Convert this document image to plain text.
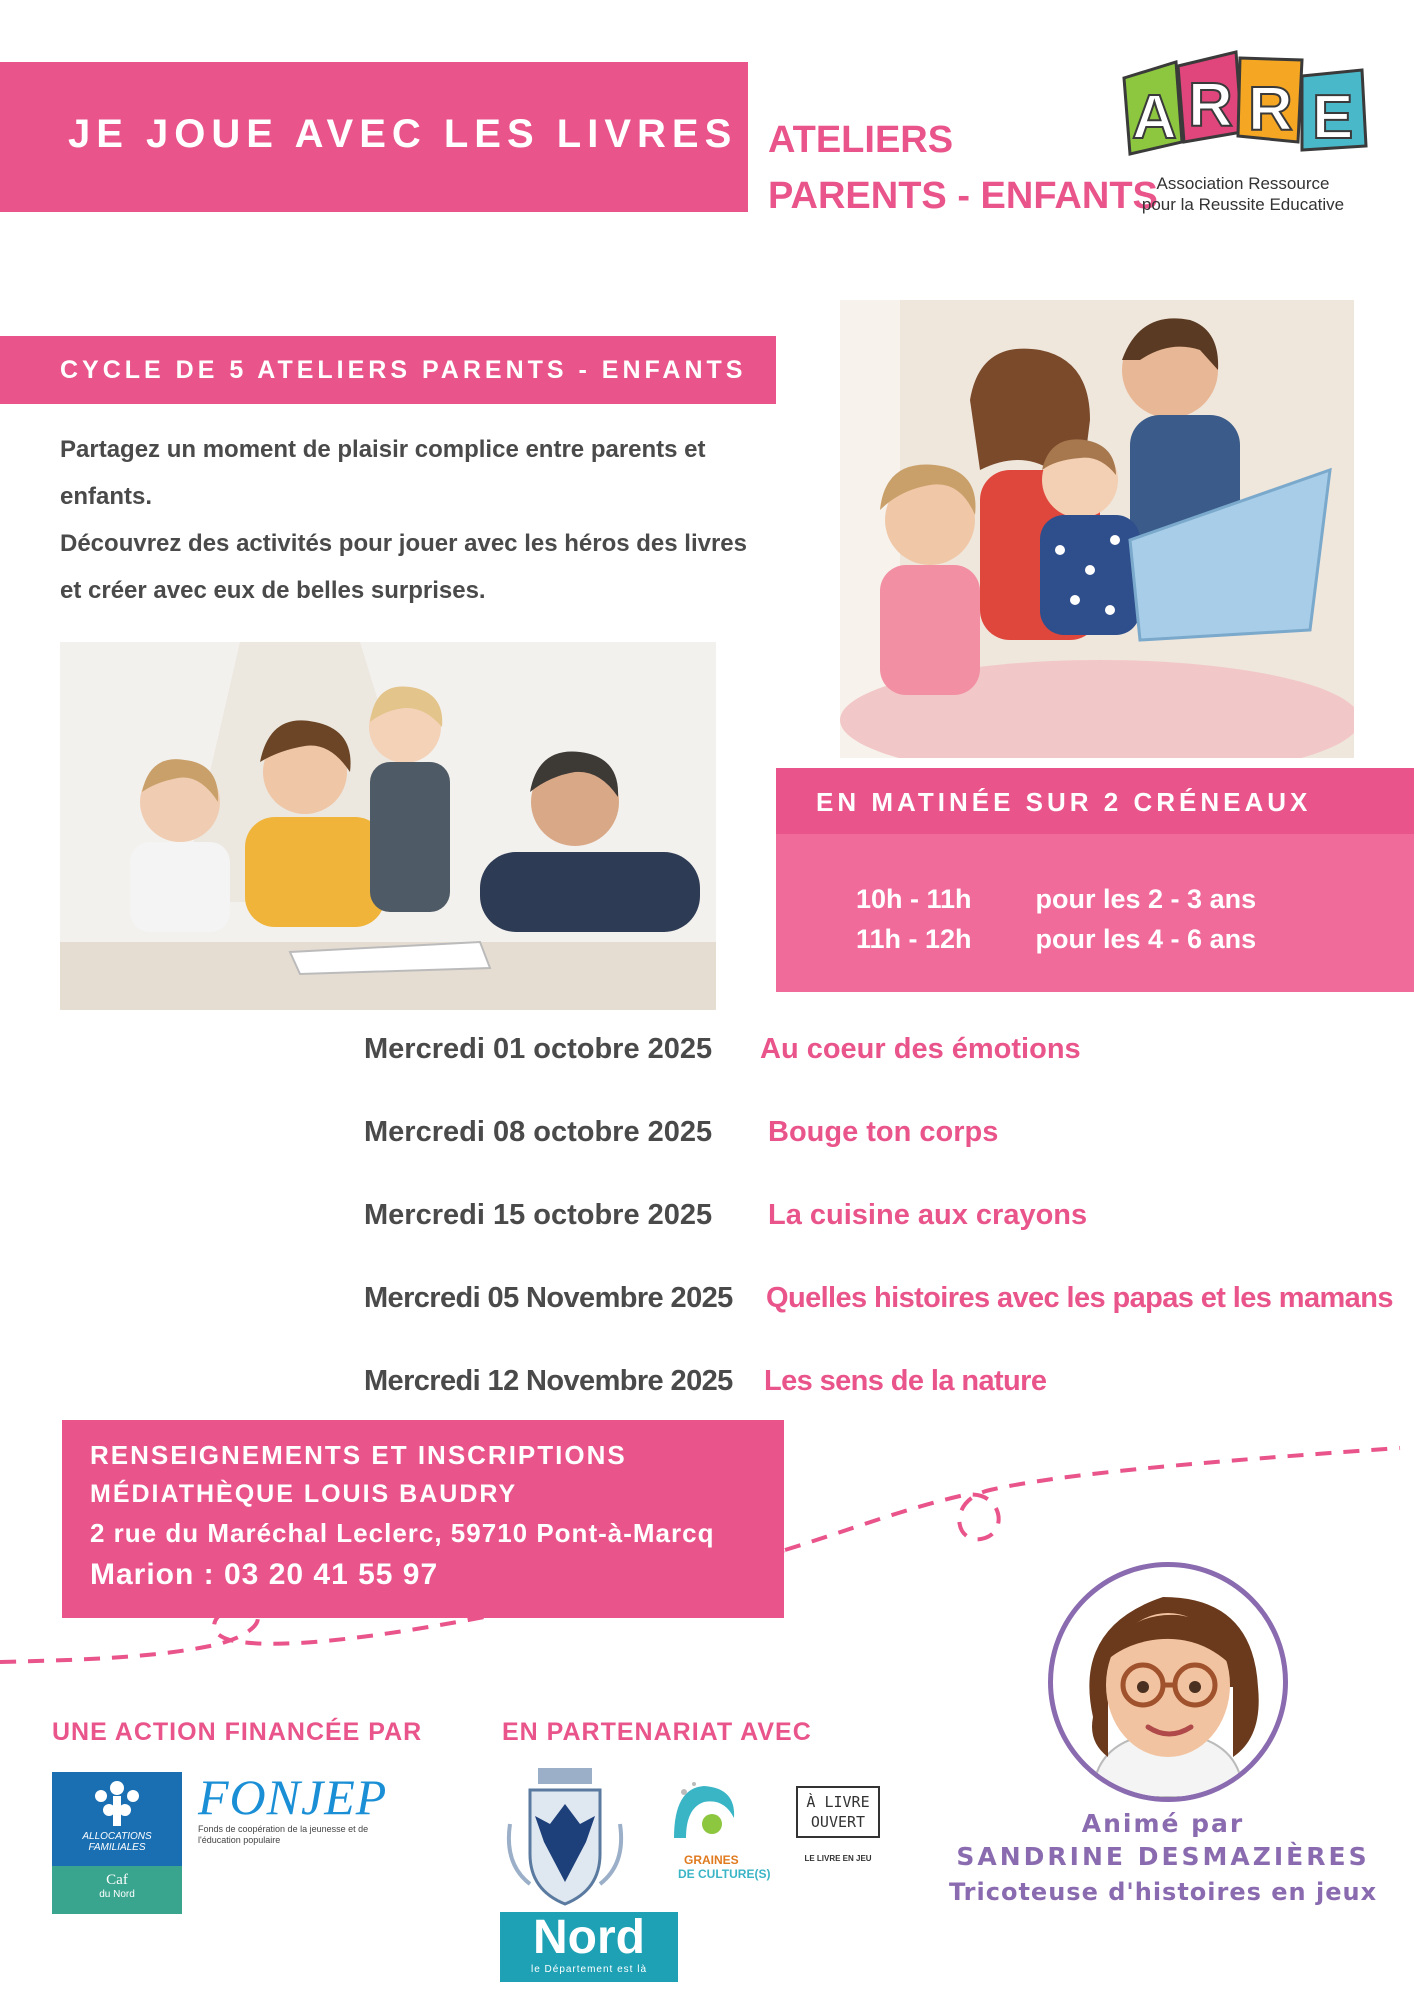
JE JOUE AVEC LES LIVRES ATELIERS
PARENTS - ENFANTS
A R R E
Association Ressource
pour la Reussite Educative
CYCLE DE 5 ATELIERS PARENTS - ENFANTS
Partagez un moment de plaisir complice entre parents et enfants.
Découvrez des activités pour jouer avec les héros des livres et créer avec eux de belles surprises.
EN MATINÉE SUR 2 CRÉNEAUX
10h - 11h pour les 2 - 3 ans
11h - 12h pour les 4 - 6 ans
Mercredi 01 octobre 2025 Au coeur des émotions
Mercredi 08 octobre 2025 Bouge ton corps
Mercredi 15 octobre 2025 La cuisine aux crayons
Mercredi 05 Novembre 2025 Quelles histoires avec les papas et les mamans
Mercredi 12 Novembre 2025 Les sens de la nature
RENSEIGNEMENTS ET INSCRIPTIONS
MÉDIATHÈQUE LOUIS BAUDRY
2 rue du Maréchal Leclerc, 59710 Pont-à-Marcq
Marion : 03 20 41 55 97
Animé par
SANDRINE DESMAZIÈRES
Tricoteuse d'histoires en jeux
UNE ACTION FINANCÉE PAR
ALLOCATIONS
FAMILIALES
Caf
du Nord
FONJEP
Fonds de coopération de la jeunesse et de l'éducation populaire
EN PARTENARIAT AVEC
GRAINES
DE CULTURE(S)
À LIVRE
OUVERT
LE LIVRE EN JEU
Nord
le Département est là
